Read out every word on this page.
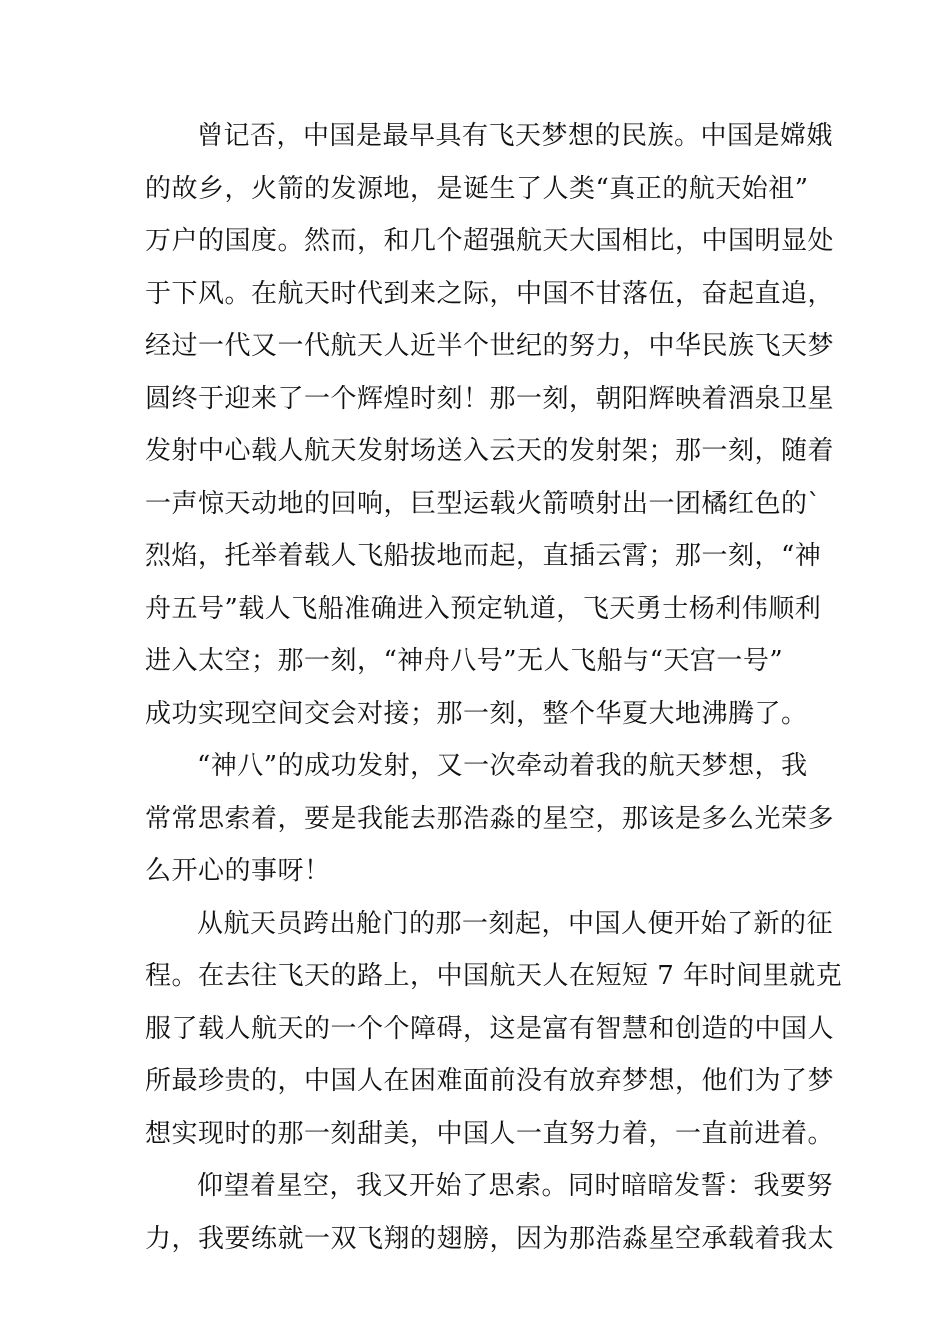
曾记否，中国是最早具有飞天梦想的民族。中国是嫦娥
的故乡，火箭的发源地，是诞生了人类“真正的航天始祖”
万户的国度。然而，和几个超强航天大国相比，中国明显处
于下风。在航天时代到来之际，中国不甘落伍，奋起直追，
经过一代又一代航天人近半个世纪的努力，中华民族飞天梦
圆终于迎来了一个辉煌时刻！那一刻，朝阳辉映着酒泉卫星
发射中心载人航天发射场送入云天的发射架；那一刻，随着
一声惊天动地的回响，巨型运载火箭喷射出一团橘红色的`
烈焰，托举着载人飞船拔地而起，直插云霄；那一刻，“神
舟五号”载人飞船准确进入预定轨道，飞天勇士杨利伟顺利
进入太空；那一刻，“神舟八号”无人飞船与“天宫一号”
成功实现空间交会对接；那一刻，整个华夏大地沸腾了。
“神八”的成功发射，又一次牵动着我的航天梦想，我
常常思索着，要是我能去那浩淼的星空，那该是多么光荣多
么开心的事呀！
从航天员跨出舱门的那一刻起，中国人便开始了新的征
程。在去往飞天的路上，中国航天人在短短 7 年时间里就克
服了载人航天的一个个障碍，这是富有智慧和创造的中国人
所最珍贵的，中国人在困难面前没有放弃梦想，他们为了梦
想实现时的那一刻甜美，中国人一直努力着，一直前进着。
仰望着星空，我又开始了思索。同时暗暗发誓：我要努
力，我要练就一双飞翔的翅膀，因为那浩淼星空承载着我太
